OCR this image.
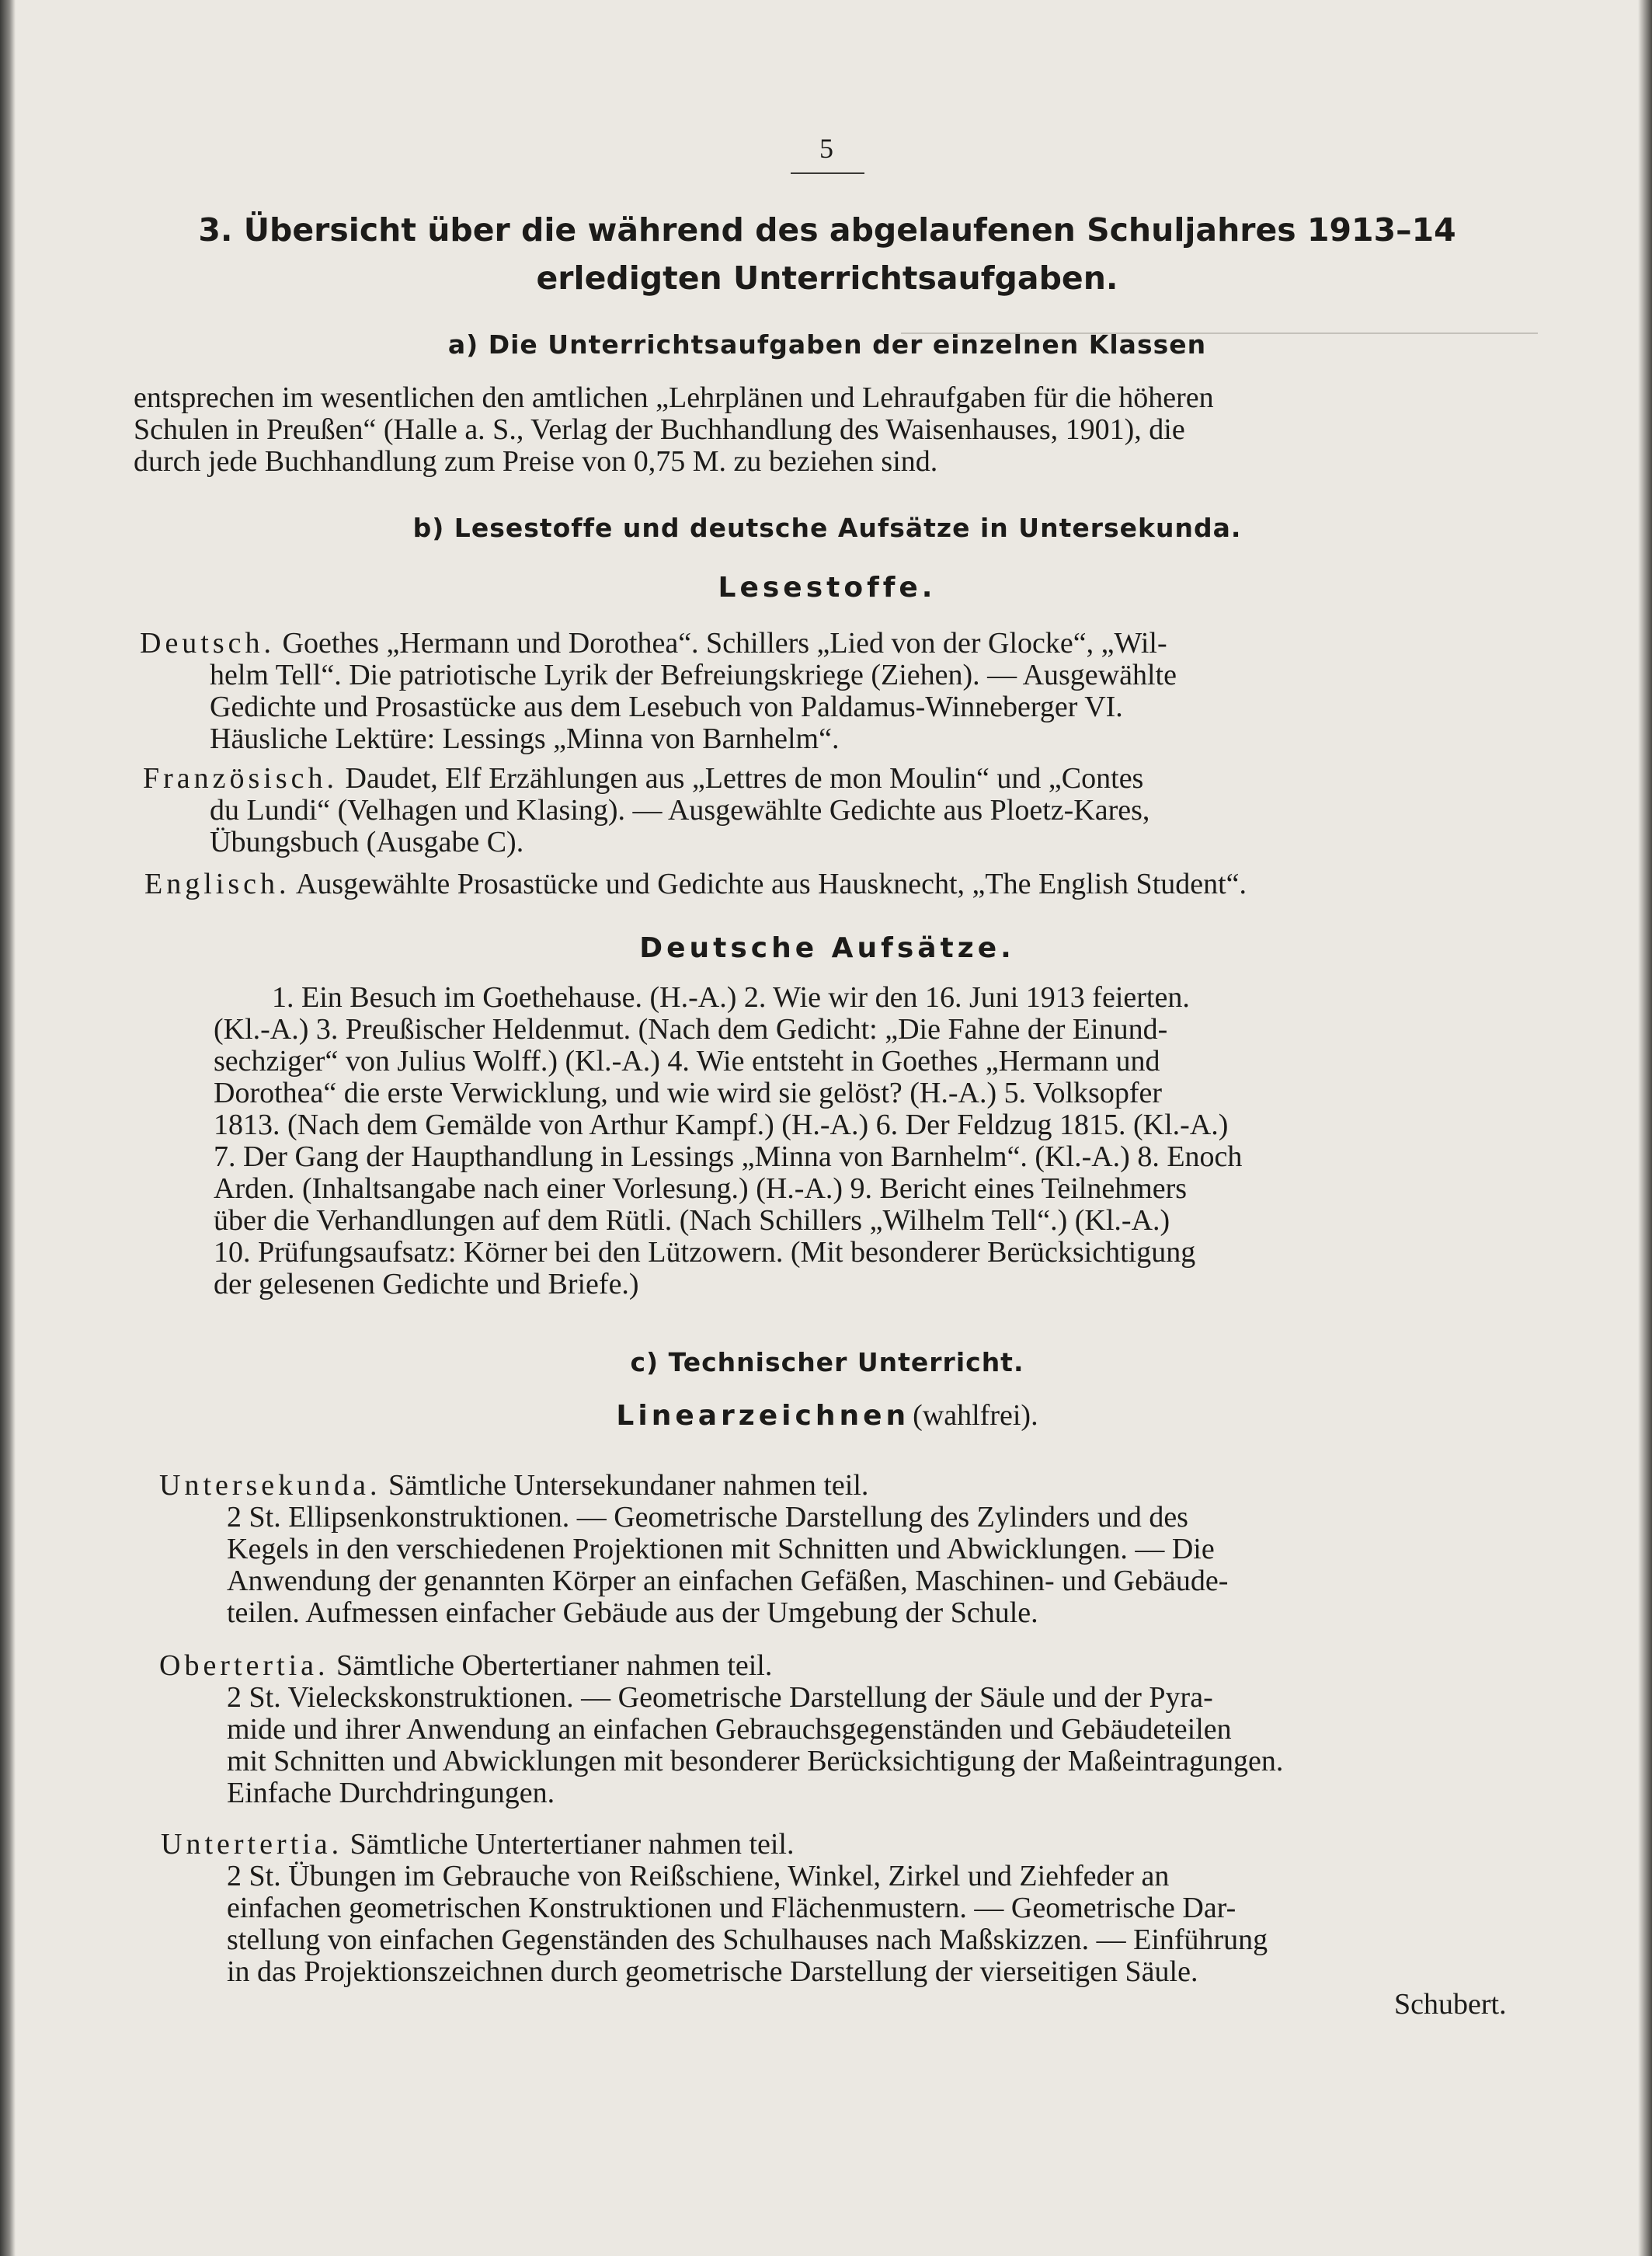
5

3. Übersicht über die während des abgelaufenen Schuljahres 1913–14

erledigten Unterrichtsaufgaben.

a) Die Unterrichtsaufgaben der einzelnen Klassen

entsprechen im wesentlichen den amtlichen „Lehrplänen und Lehraufgaben für die höheren

Schulen in Preußen“ (Halle a. S., Verlag der Buchhandlung des Waisenhauses, 1901), die

durch jede Buchhandlung zum Preise von 0,75 M. zu beziehen sind.

b) Lesestoffe und deutsche Aufsätze in Untersekunda.

Lesestoffe.

Deutsch. Goethes „Hermann und Dorothea“. Schillers „Lied von der Glocke“, „Wil-

helm Tell“. Die patriotische Lyrik der Befreiungskriege (Ziehen). — Ausgewählte

Gedichte und Prosastücke aus dem Lesebuch von Paldamus-Winneberger VI.

Häusliche Lektüre: Lessings „Minna von Barnhelm“.

Französisch. Daudet, Elf Erzählungen aus „Lettres de mon Moulin“ und „Contes

du Lundi“ (Velhagen und Klasing). — Ausgewählte Gedichte aus Ploetz-Kares,

Übungsbuch (Ausgabe C).

Englisch. Ausgewählte Prosastücke und Gedichte aus Hausknecht, „The English Student“.

Deutsche Aufsätze.

1. Ein Besuch im Goethehause. (H.-A.) 2. Wie wir den 16. Juni 1913 feierten.

(Kl.-A.) 3. Preußischer Heldenmut. (Nach dem Gedicht: „Die Fahne der Einund-

sechziger“ von Julius Wolff.) (Kl.-A.) 4. Wie entsteht in Goethes „Hermann und

Dorothea“ die erste Verwicklung, und wie wird sie gelöst? (H.-A.) 5. Volksopfer

1813. (Nach dem Gemälde von Arthur Kampf.) (H.-A.) 6. Der Feldzug 1815. (Kl.-A.)

7. Der Gang der Haupthandlung in Lessings „Minna von Barnhelm“. (Kl.-A.) 8. Enoch

Arden. (Inhaltsangabe nach einer Vorlesung.) (H.-A.) 9. Bericht eines Teilnehmers

über die Verhandlungen auf dem Rütli. (Nach Schillers „Wilhelm Tell“.) (Kl.-A.)

10. Prüfungsaufsatz: Körner bei den Lützowern. (Mit besonderer Berücksichtigung

der gelesenen Gedichte und Briefe.)

c) Technischer Unterricht.

Linearzeichnen (wahlfrei).

Untersekunda. Sämtliche Untersekundaner nahmen teil.

2 St. Ellipsenkonstruktionen. — Geometrische Darstellung des Zylinders und des

Kegels in den verschiedenen Projektionen mit Schnitten und Abwicklungen. — Die

Anwendung der genannten Körper an einfachen Gefäßen, Maschinen- und Gebäude-

teilen. Aufmessen einfacher Gebäude aus der Umgebung der Schule.

Obertertia. Sämtliche Obertertianer nahmen teil.

2 St. Vieleckskonstruktionen. — Geometrische Darstellung der Säule und der Pyra-

mide und ihrer Anwendung an einfachen Gebrauchsgegenständen und Gebäudeteilen

mit Schnitten und Abwicklungen mit besonderer Berücksichtigung der Maßeintragungen.

Einfache Durchdringungen.

Untertertia. Sämtliche Untertertianer nahmen teil.

2 St. Übungen im Gebrauche von Reißschiene, Winkel, Zirkel und Ziehfeder an

einfachen geometrischen Konstruktionen und Flächenmustern. — Geometrische Dar-

stellung von einfachen Gegenständen des Schulhauses nach Maßskizzen. — Einführung

in das Projektionszeichnen durch geometrische Darstellung der vierseitigen Säule.

Schubert.
